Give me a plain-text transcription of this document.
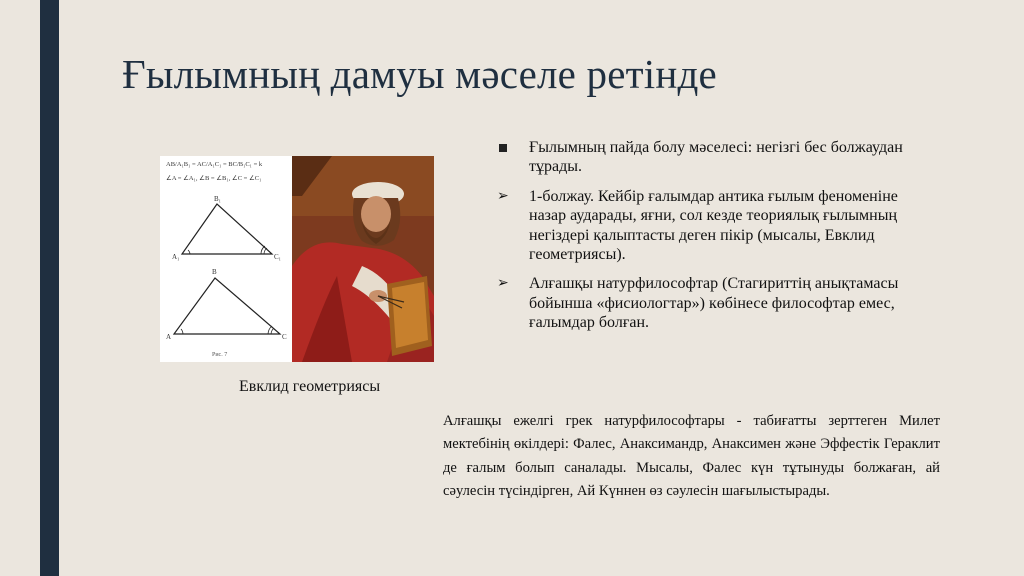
Ғылымның дамуы мәселе ретінде
AB/A₁B₁ = AC/A₁C₁ = BC/B₁C₁ = k
∠A = ∠A₁, ∠B = ∠B₁, ∠C = ∠C₁
B₁
A₁	C₁
B
A	C
Рис. 7
Евклид геометриясы
Ғылымның пайда болу мәселесі: негізгі бес болжаудан тұрады.
➢	1-болжау. Кейбір ғалымдар антика ғылым феноменіне назар аударады, яғни, сол кезде теориялық ғылымның негіздері қалыптасты деген пікір (мысалы, Евклид геометриясы).
➢	Алғашқы натурфилософтар (Стагириттің анықтамасы бойынша «фисиологтар») көбінесе философтар емес, ғалымдар болған.
Алғашқы ежелгі грек натурфилософтары - табиғатты зерттеген Милет мектебінің өкілдері: Фалес, Анаксимандр, Анаксимен және Эффестік Гераклит де ғалым болып саналады. Мысалы, Фалес күн тұтынуды болжаған, ай сәулесін түсіндірген, Ай Күннен өз сәулесін шағылыстырады.
